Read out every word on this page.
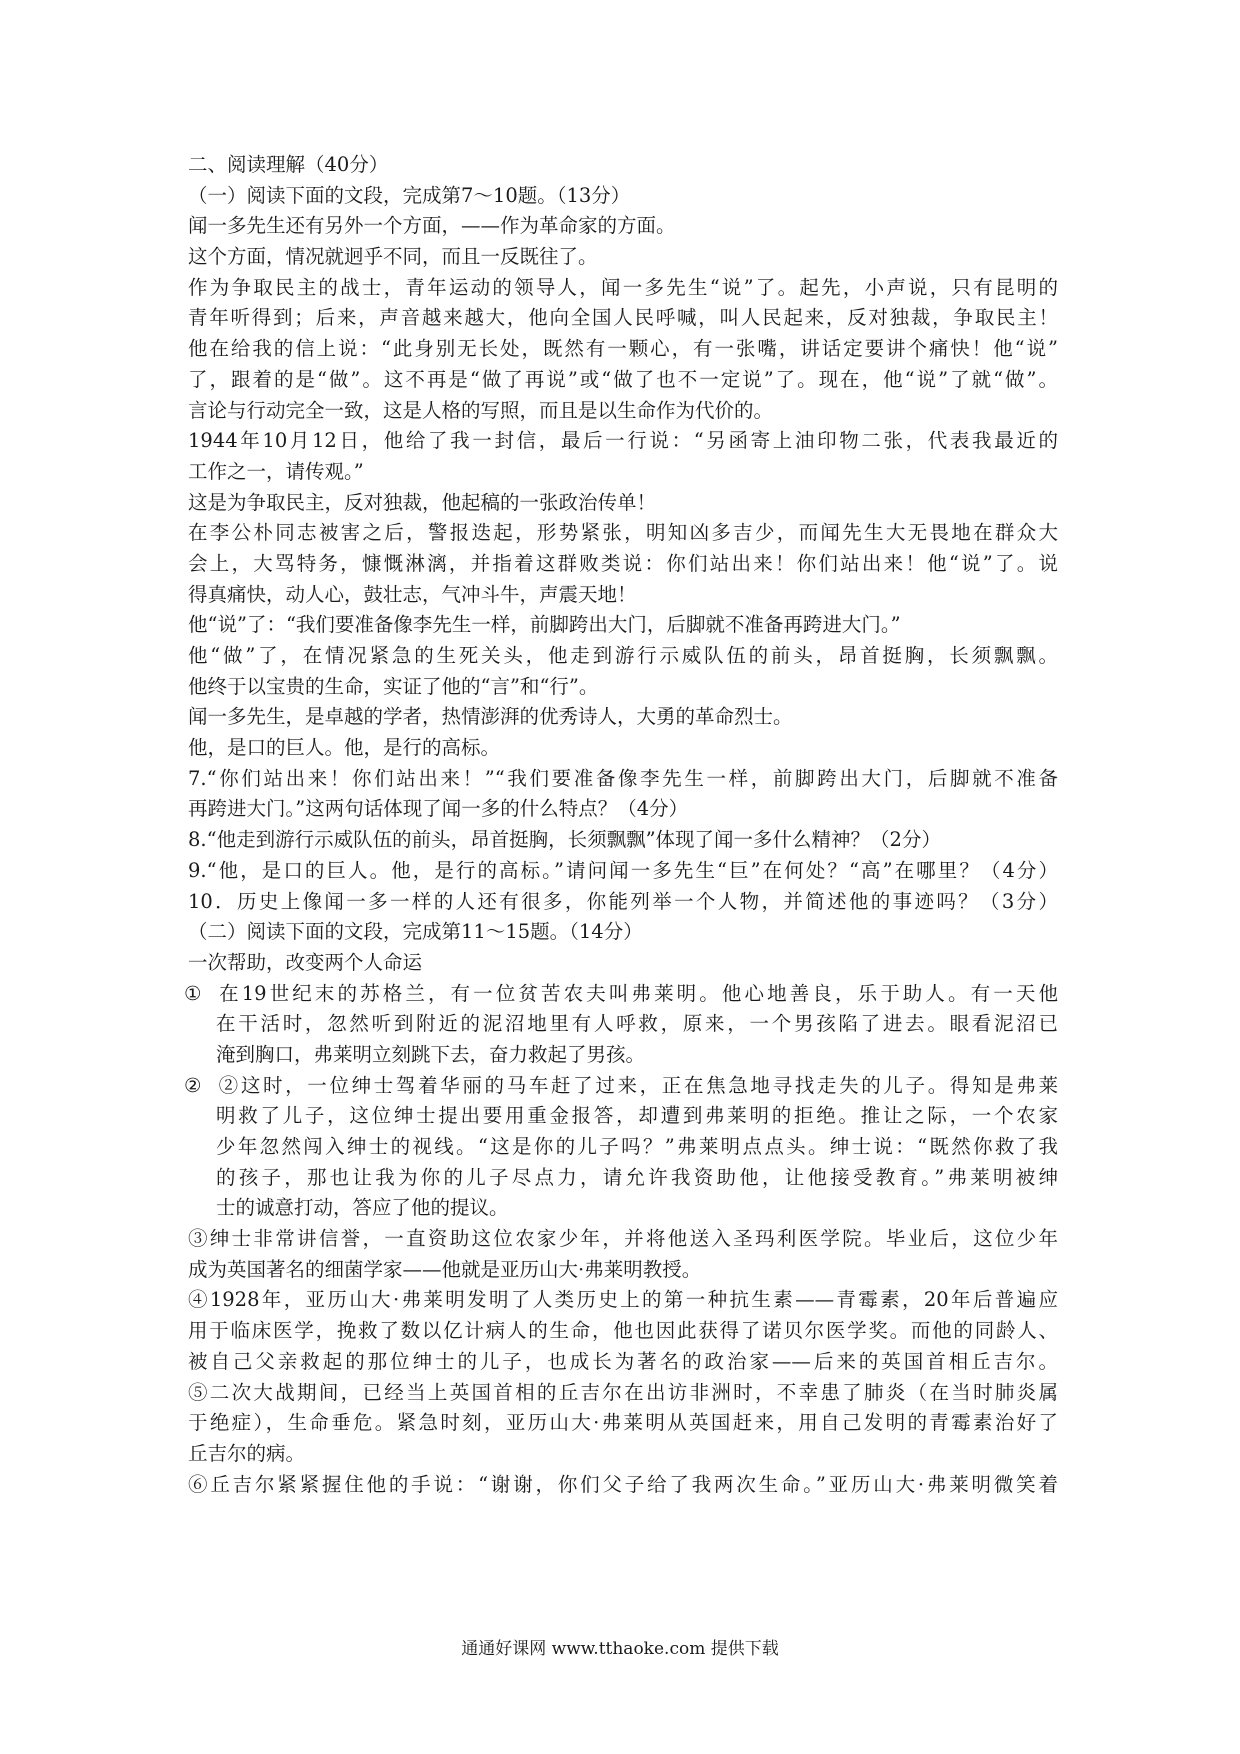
二、阅读理解（40分）
（一）阅读下面的文段，完成第7～10题。（13分）
闻一多先生还有另外一个方面，——作为革命家的方面。
这个方面，情况就迥乎不同，而且一反既往了。
作为争取民主的战士，青年运动的领导人，闻一多先生“说”了。起先，小声说，只有昆明的
青年听得到；后来，声音越来越大，他向全国人民呼喊，叫人民起来，反对独裁，争取民主！
他在给我的信上说：“此身别无长处，既然有一颗心，有一张嘴，讲话定要讲个痛快！他“说”
了，跟着的是“做”。这不再是“做了再说”或“做了也不一定说”了。现在，他“说”了就“做”。
言论与行动完全一致，这是人格的写照，而且是以生命作为代价的。
1944年10月12日，他给了我一封信，最后一行说：“另函寄上油印物二张，代表我最近的
工作之一，请传观。”
这是为争取民主，反对独裁，他起稿的一张政治传单！
在李公朴同志被害之后，警报迭起，形势紧张，明知凶多吉少，而闻先生大无畏地在群众大
会上，大骂特务，慷慨淋漓，并指着这群败类说：你们站出来！你们站出来！他“说”了。说
得真痛快，动人心，鼓壮志，气冲斗牛，声震天地！
他“说”了：“我们要准备像李先生一样，前脚跨出大门，后脚就不准备再跨进大门。”
他“做”了，在情况紧急的生死关头，他走到游行示威队伍的前头，昂首挺胸，长须飘飘。
他终于以宝贵的生命，实证了他的“言”和“行”。
闻一多先生，是卓越的学者，热情澎湃的优秀诗人，大勇的革命烈士。
他，是口的巨人。他，是行的高标。
7.“你们站出来！你们站出来！”“我们要准备像李先生一样，前脚跨出大门，后脚就不准备
再跨进大门。”这两句话体现了闻一多的什么特点？（4分）
8.“他走到游行示威队伍的前头，昂首挺胸，长须飘飘”体现了闻一多什么精神？（2分）
9.“他，是口的巨人。他，是行的高标。”请问闻一多先生“巨”在何处？“高”在哪里？（4分）
10．历史上像闻一多一样的人还有很多，你能列举一个人物，并简述他的事迹吗？（3分）
（二）阅读下面的文段，完成第11～15题。（14分）
一次帮助，改变两个人命运
① 在19世纪末的苏格兰，有一位贫苦农夫叫弗莱明。他心地善良，乐于助人。有一天他
在干活时，忽然听到附近的泥沼地里有人呼救，原来，一个男孩陷了进去。眼看泥沼已
淹到胸口，弗莱明立刻跳下去，奋力救起了男孩。
② ②这时，一位绅士驾着华丽的马车赶了过来，正在焦急地寻找走失的儿子。得知是弗莱
明救了儿子，这位绅士提出要用重金报答，却遭到弗莱明的拒绝。推让之际，一个农家
少年忽然闯入绅士的视线。“这是你的儿子吗？”弗莱明点点头。绅士说：“既然你救了我
的孩子，那也让我为你的儿子尽点力，请允许我资助他，让他接受教育。”弗莱明被绅
士的诚意打动，答应了他的提议。
③绅士非常讲信誉，一直资助这位农家少年，并将他送入圣玛利医学院。毕业后，这位少年
成为英国著名的细菌学家——他就是亚历山大·弗莱明教授。
④1928年，亚历山大·弗莱明发明了人类历史上的第一种抗生素——青霉素，20年后普遍应
用于临床医学，挽救了数以亿计病人的生命，他也因此获得了诺贝尔医学奖。而他的同龄人、
被自己父亲救起的那位绅士的儿子，也成长为著名的政治家——后来的英国首相丘吉尔。
⑤二次大战期间，已经当上英国首相的丘吉尔在出访非洲时，不幸患了肺炎（在当时肺炎属
于绝症），生命垂危。紧急时刻，亚历山大·弗莱明从英国赶来，用自己发明的青霉素治好了
丘吉尔的病。
⑥丘吉尔紧紧握住他的手说：“谢谢，你们父子给了我两次生命。”亚历山大·弗莱明微笑着
通通好课网 www.tthaoke.com 提供下载
